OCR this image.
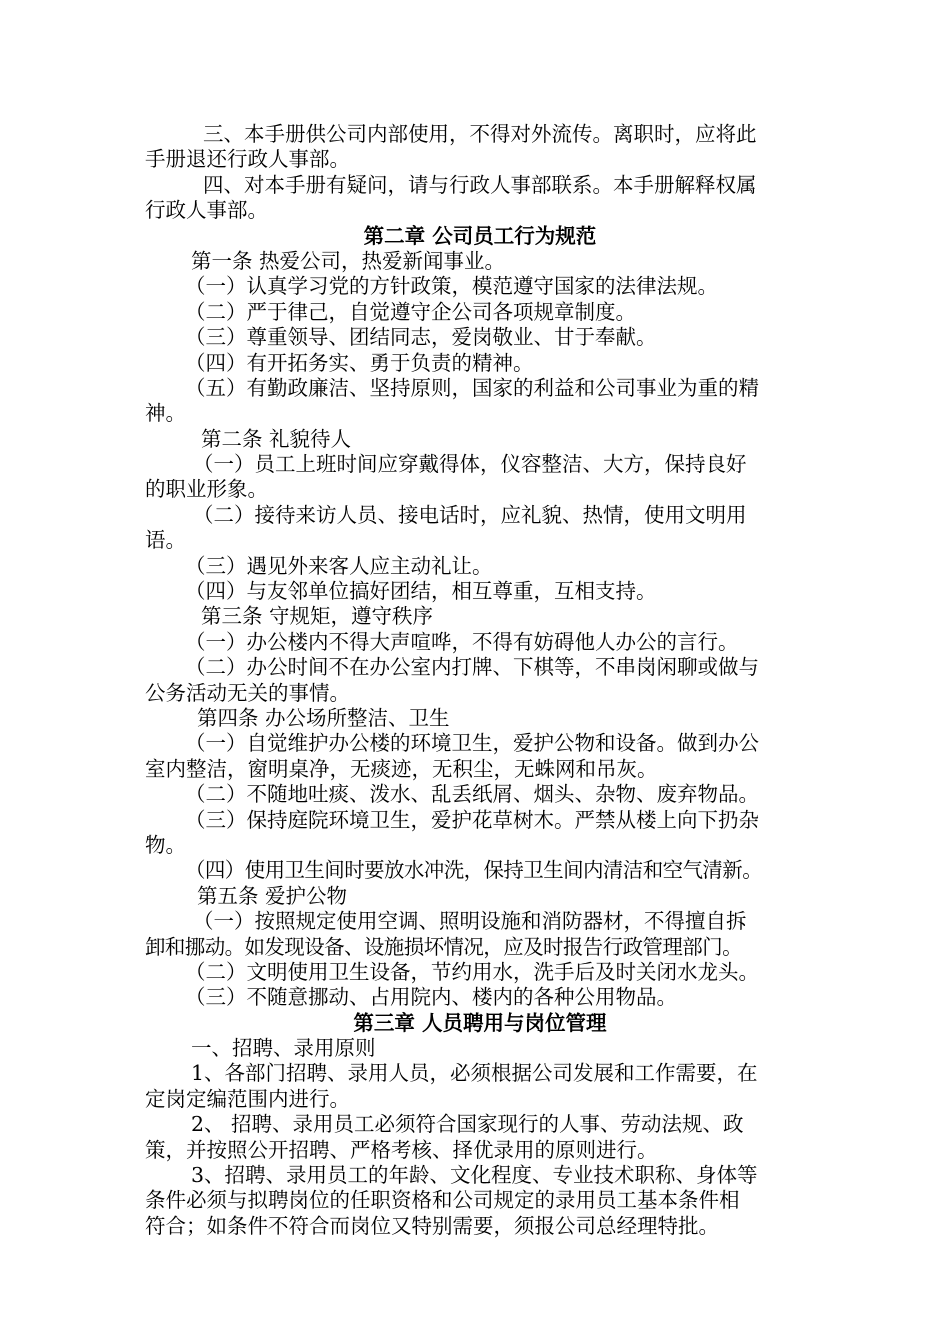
三、本手册供公司内部使用，不得对外流传。离职时，应将此
手册退还行政人事部。
四、对本手册有疑问，请与行政人事部联系。本手册解释权属
行政人事部。
第二章 公司员工行为规范
第一条 热爱公司，热爱新闻事业。
（一）认真学习党的方针政策，模范遵守国家的法律法规。
（二）严于律己，自觉遵守企公司各项规章制度。
（三）尊重领导、团结同志，爱岗敬业、甘于奉献。
（四）有开拓务实、勇于负责的精神。
（五）有勤政廉洁、坚持原则，国家的利益和公司事业为重的精
神。
第二条 礼貌待人
（一）员工上班时间应穿戴得体，仪容整洁、大方，保持良好
的职业形象。
（二）接待来访人员、接电话时，应礼貌、热情，使用文明用
语。
（三）遇见外来客人应主动礼让。
（四）与友邻单位搞好团结，相互尊重，互相支持。
第三条 守规矩，遵守秩序
（一）办公楼内不得大声喧哗，不得有妨碍他人办公的言行。
（二）办公时间不在办公室内打牌、下棋等，不串岗闲聊或做与
公务活动无关的事情。
第四条 办公场所整洁、卫生
（一）自觉维护办公楼的环境卫生，爱护公物和设备。做到办公
室内整洁，窗明桌净，无痰迹，无积尘，无蛛网和吊灰。
（二）不随地吐痰、泼水、乱丢纸屑、烟头、杂物、废弃物品。
（三）保持庭院环境卫生，爱护花草树木。严禁从楼上向下扔杂
物。
（四）使用卫生间时要放水冲洗，保持卫生间内清洁和空气清新。
第五条 爱护公物
（一）按照规定使用空调、照明设施和消防器材，不得擅自拆
卸和挪动。如发现设备、设施损坏情况，应及时报告行政管理部门。
（二）文明使用卫生设备，节约用水，洗手后及时关闭水龙头。
（三）不随意挪动、占用院内、楼内的各种公用物品。
第三章 人员聘用与岗位管理
一、招聘、录用原则
1、各部门招聘、录用人员，必须根据公司发展和工作需要，在
定岗定编范围内进行。
2、 招聘、录用员工必须符合国家现行的人事、劳动法规、政
策，并按照公开招聘、严格考核、择优录用的原则进行。
3、招聘、录用员工的年龄、文化程度、专业技术职称、身体等
条件必须与拟聘岗位的任职资格和公司规定的录用员工基本条件相
符合；如条件不符合而岗位又特别需要，须报公司总经理特批。
